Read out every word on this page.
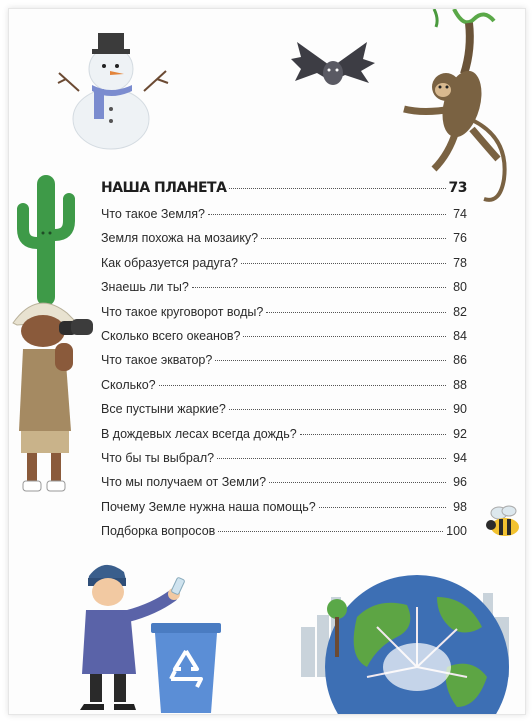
НАША ПЛАНЕТА	73
Что такое Земля?	74
Земля похожа на мозаику?	76
Как образуется радуга?	78
Знаешь ли ты?	80
Что такое круговорот воды?	82
Сколько всего океанов?	84
Что такое экватор?	86
Сколько?	88
Все пустыни жаркие?	90
В дождевых лесах всегда дождь?	92
Что бы ты выбрал?	94
Что мы получаем от Земли?	96
Почему Земле нужна наша помощь?	98
Подборка вопросов	100
